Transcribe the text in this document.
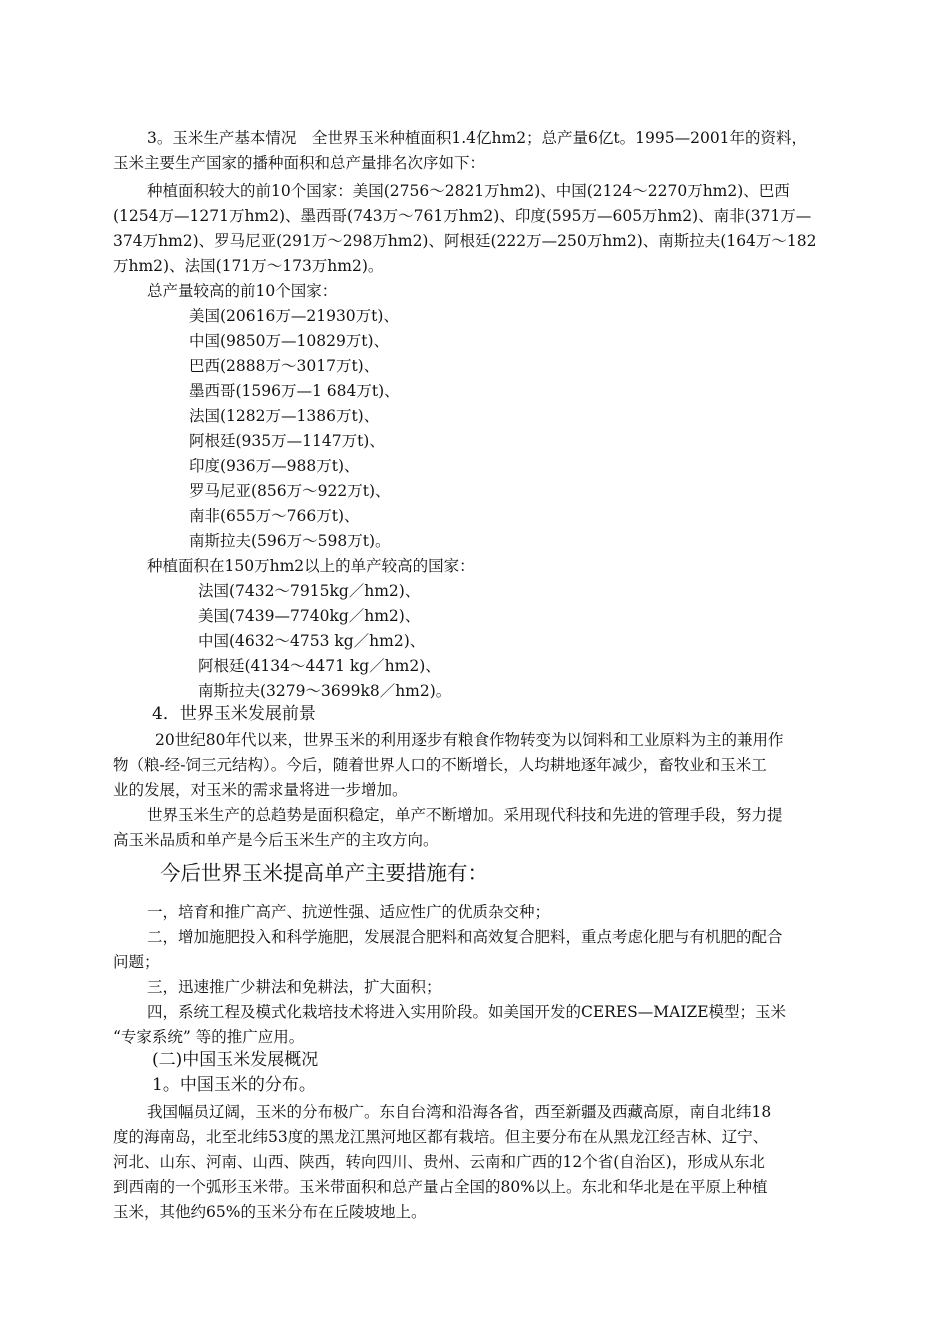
3。玉米生产基本情况　全世界玉米种植面积1.4亿hm2；总产量6亿t。1995—2001年的资料，
玉米主要生产国家的播种面积和总产量排名次序如下：
种植面积较大的前10个国家：美国(2756～2821万hm2)、中国(2124～2270万hm2)、巴西
(1254万—1271万hm2)、墨西哥(743万～761万hm2)、印度(595万—605万hm2)、南非(371万—
374万hm2)、罗马尼亚(291万～298万hm2)、阿根廷(222万—250万hm2)、南斯拉夫(164万～182
万hm2)、法国(171万～173万hm2)。
总产量较高的前10个国家：
美国(20616万—21930万t)、
中国(9850万—10829万t)、
巴西(2888万～3017万t)、
墨西哥(1596万—1 684万t)、
法国(1282万—1386万t)、
阿根廷(935万—1147万t)、
印度(936万—988万t)、
罗马尼亚(856万～922万t)、
南非(655万～766万t)、
南斯拉夫(596万～598万t)。
种植面积在150万hm2以上的单产较高的国家：
法国(7432～7915kg／hm2)、
美国(7439—7740kg／hm2)、
中国(4632～4753 kg／hm2)、
阿根廷(4134～4471 kg／hm2)、
南斯拉夫(3279～3699k8／hm2)。
4．世界玉米发展前景
20世纪80年代以来，世界玉米的利用逐步有粮食作物转变为以饲料和工业原料为主的兼用作
物（粮-经-饲三元结构）。今后，随着世界人口的不断增长，人均耕地逐年减少，畜牧业和玉米工
业的发展，对玉米的需求量将进一步增加。
世界玉米生产的总趋势是面积稳定，单产不断增加。采用现代科技和先进的管理手段，努力提
高玉米品质和单产是今后玉米生产的主攻方向。
今后世界玉米提高单产主要措施有：
一，培育和推广高产、抗逆性强、适应性广的优质杂交种；
二，增加施肥投入和科学施肥，发展混合肥料和高效复合肥料，重点考虑化肥与有机肥的配合
问题；
三，迅速推广少耕法和免耕法，扩大面积；
四，系统工程及模式化栽培技术将进入实用阶段。如美国开发的CERES—MAIZE模型；玉米
“专家系统” 等的推广应用。
(二)中国玉米发展概况
1。中国玉米的分布。
我国幅员辽阔，玉米的分布极广。东自台湾和沿海各省，西至新疆及西藏高原，南自北纬18
度的海南岛，北至北纬53度的黑龙江黑河地区都有栽培。但主要分布在从黑龙江经吉林、辽宁、
河北、山东、河南、山西、陕西，转向四川、贵州、云南和广西的12个省(自治区)，形成从东北
到西南的一个弧形玉米带。玉米带面积和总产量占全国的80%以上。东北和华北是在平原上种植
玉米，其他约65%的玉米分布在丘陵坡地上。
